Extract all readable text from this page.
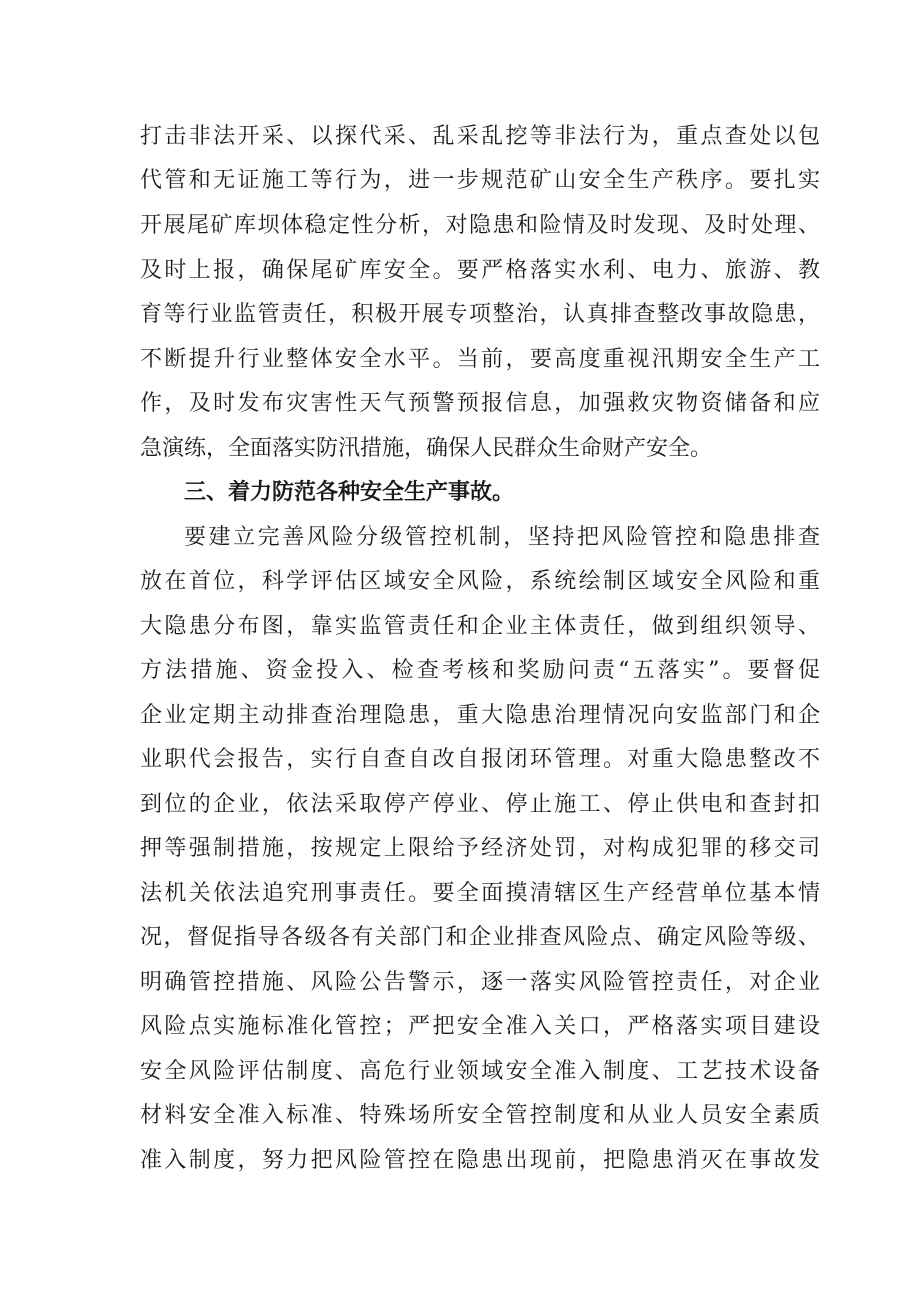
打击非法开采、以探代采、乱采乱挖等非法行为，重点查处以包
代管和无证施工等行为，进一步规范矿山安全生产秩序。要扎实
开展尾矿库坝体稳定性分析，对隐患和险情及时发现、及时处理、
及时上报，确保尾矿库安全。要严格落实水利、电力、旅游、教
育等行业监管责任，积极开展专项整治，认真排查整改事故隐患，
不断提升行业整体安全水平。当前，要高度重视汛期安全生产工
作，及时发布灾害性天气预警预报信息，加强救灾物资储备和应
急演练，全面落实防汛措施，确保人民群众生命财产安全。
三、着力防范各种安全生产事故。
要建立完善风险分级管控机制，坚持把风险管控和隐患排查
放在首位，科学评估区域安全风险，系统绘制区域安全风险和重
大隐患分布图，靠实监管责任和企业主体责任，做到组织领导、
方法措施、资金投入、检查考核和奖励问责“五落实”。要督促
企业定期主动排查治理隐患，重大隐患治理情况向安监部门和企
业职代会报告，实行自查自改自报闭环管理。对重大隐患整改不
到位的企业，依法采取停产停业、停止施工、停止供电和查封扣
押等强制措施，按规定上限给予经济处罚，对构成犯罪的移交司
法机关依法追究刑事责任。要全面摸清辖区生产经营单位基本情
况，督促指导各级各有关部门和企业排查风险点、确定风险等级、
明确管控措施、风险公告警示，逐一落实风险管控责任，对企业
风险点实施标准化管控；严把安全准入关口，严格落实项目建设
安全风险评估制度、高危行业领域安全准入制度、工艺技术设备
材料安全准入标准、特殊场所安全管控制度和从业人员安全素质
准入制度，努力把风险管控在隐患出现前，把隐患消灭在事故发
